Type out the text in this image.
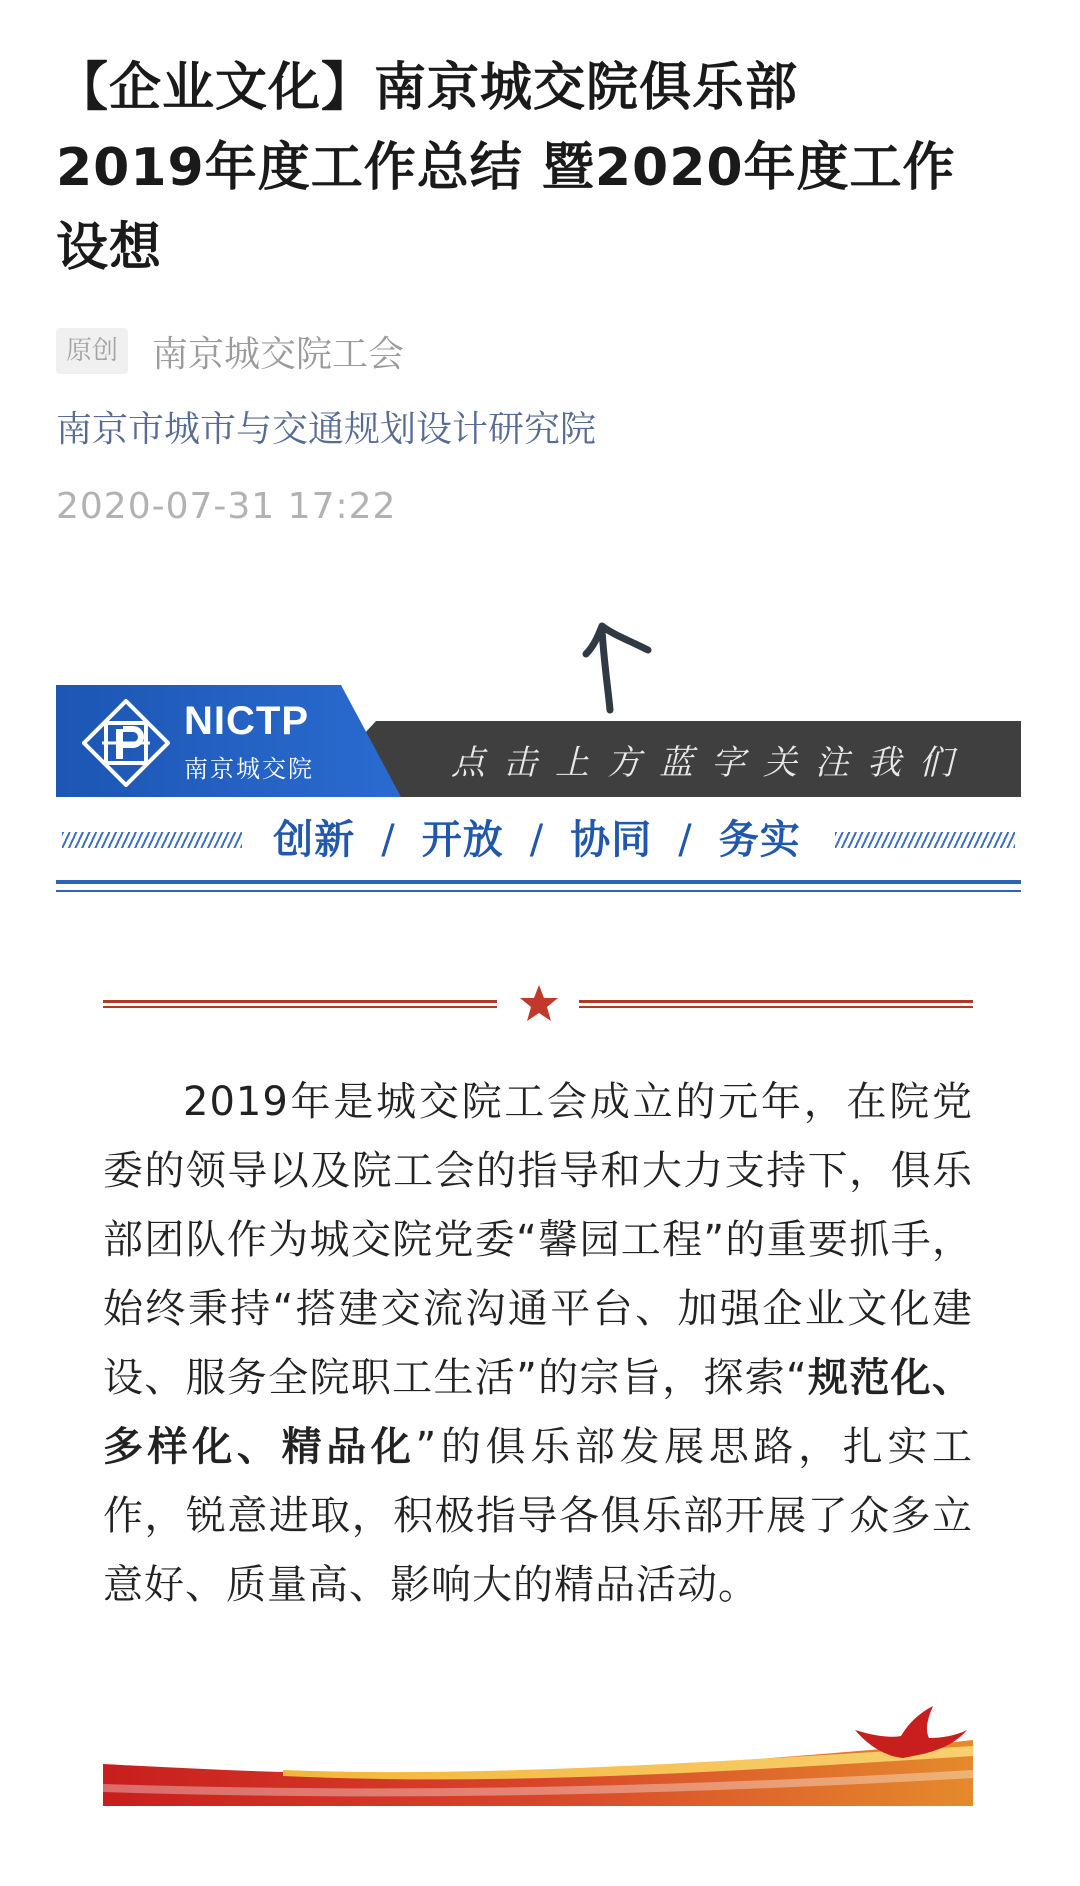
【企业文化】南京城交院俱乐部
2019年度工作总结 暨2020年度工作
设想
原创 南京城交院工会
南京市城市与交通规划设计研究院
2020-07-31 17:22
NICTP
南京城交院	点击上方蓝字关注我们
创新 / 开放 / 协同 / 务实

2019年是城交院工会成立的元年，在院党委的领导以及院工会的指导和大力支持下，俱乐部团队作为城交院党委“馨园工程”的重要抓手，始终秉持“搭建交流沟通平台、加强企业文化建设、服务全院职工生活”的宗旨，探索“规范化、多样化、精品化”的俱乐部发展思路，扎实工作，锐意进取，积极指导各俱乐部开展了众多立意好、质量高、影响大的精品活动。
